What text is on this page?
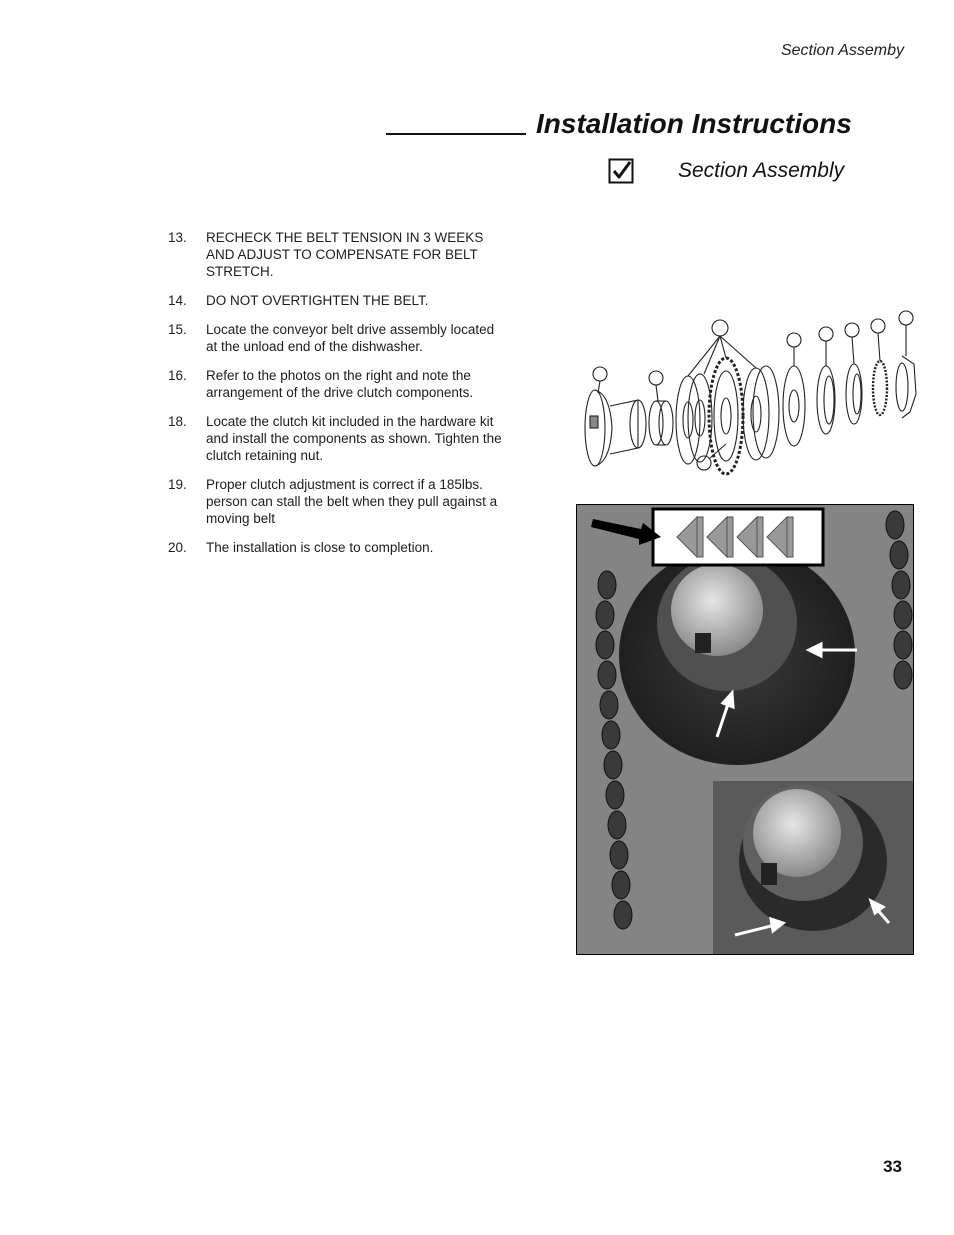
Section Assemby
Installation Instructions
Section Assembly
13.	RECHECK THE BELT TENSION IN 3 WEEKS AND ADJUST TO COMPENSATE FOR BELT STRETCH.
14.	DO NOT OVERTIGHTEN THE BELT.
15.	Locate the conveyor belt drive assembly located at the unload end of the dishwasher.
16.	Refer to the photos on the right and note the arrangement of the drive clutch components.
18.	Locate the clutch kit included in the hardware kit and install the components as shown. Tighten the clutch retaining nut.
19.	Proper clutch adjustment is correct if a 185lbs. person can stall the belt when they pull against a moving belt
20.	The installation is close to completion.
33
